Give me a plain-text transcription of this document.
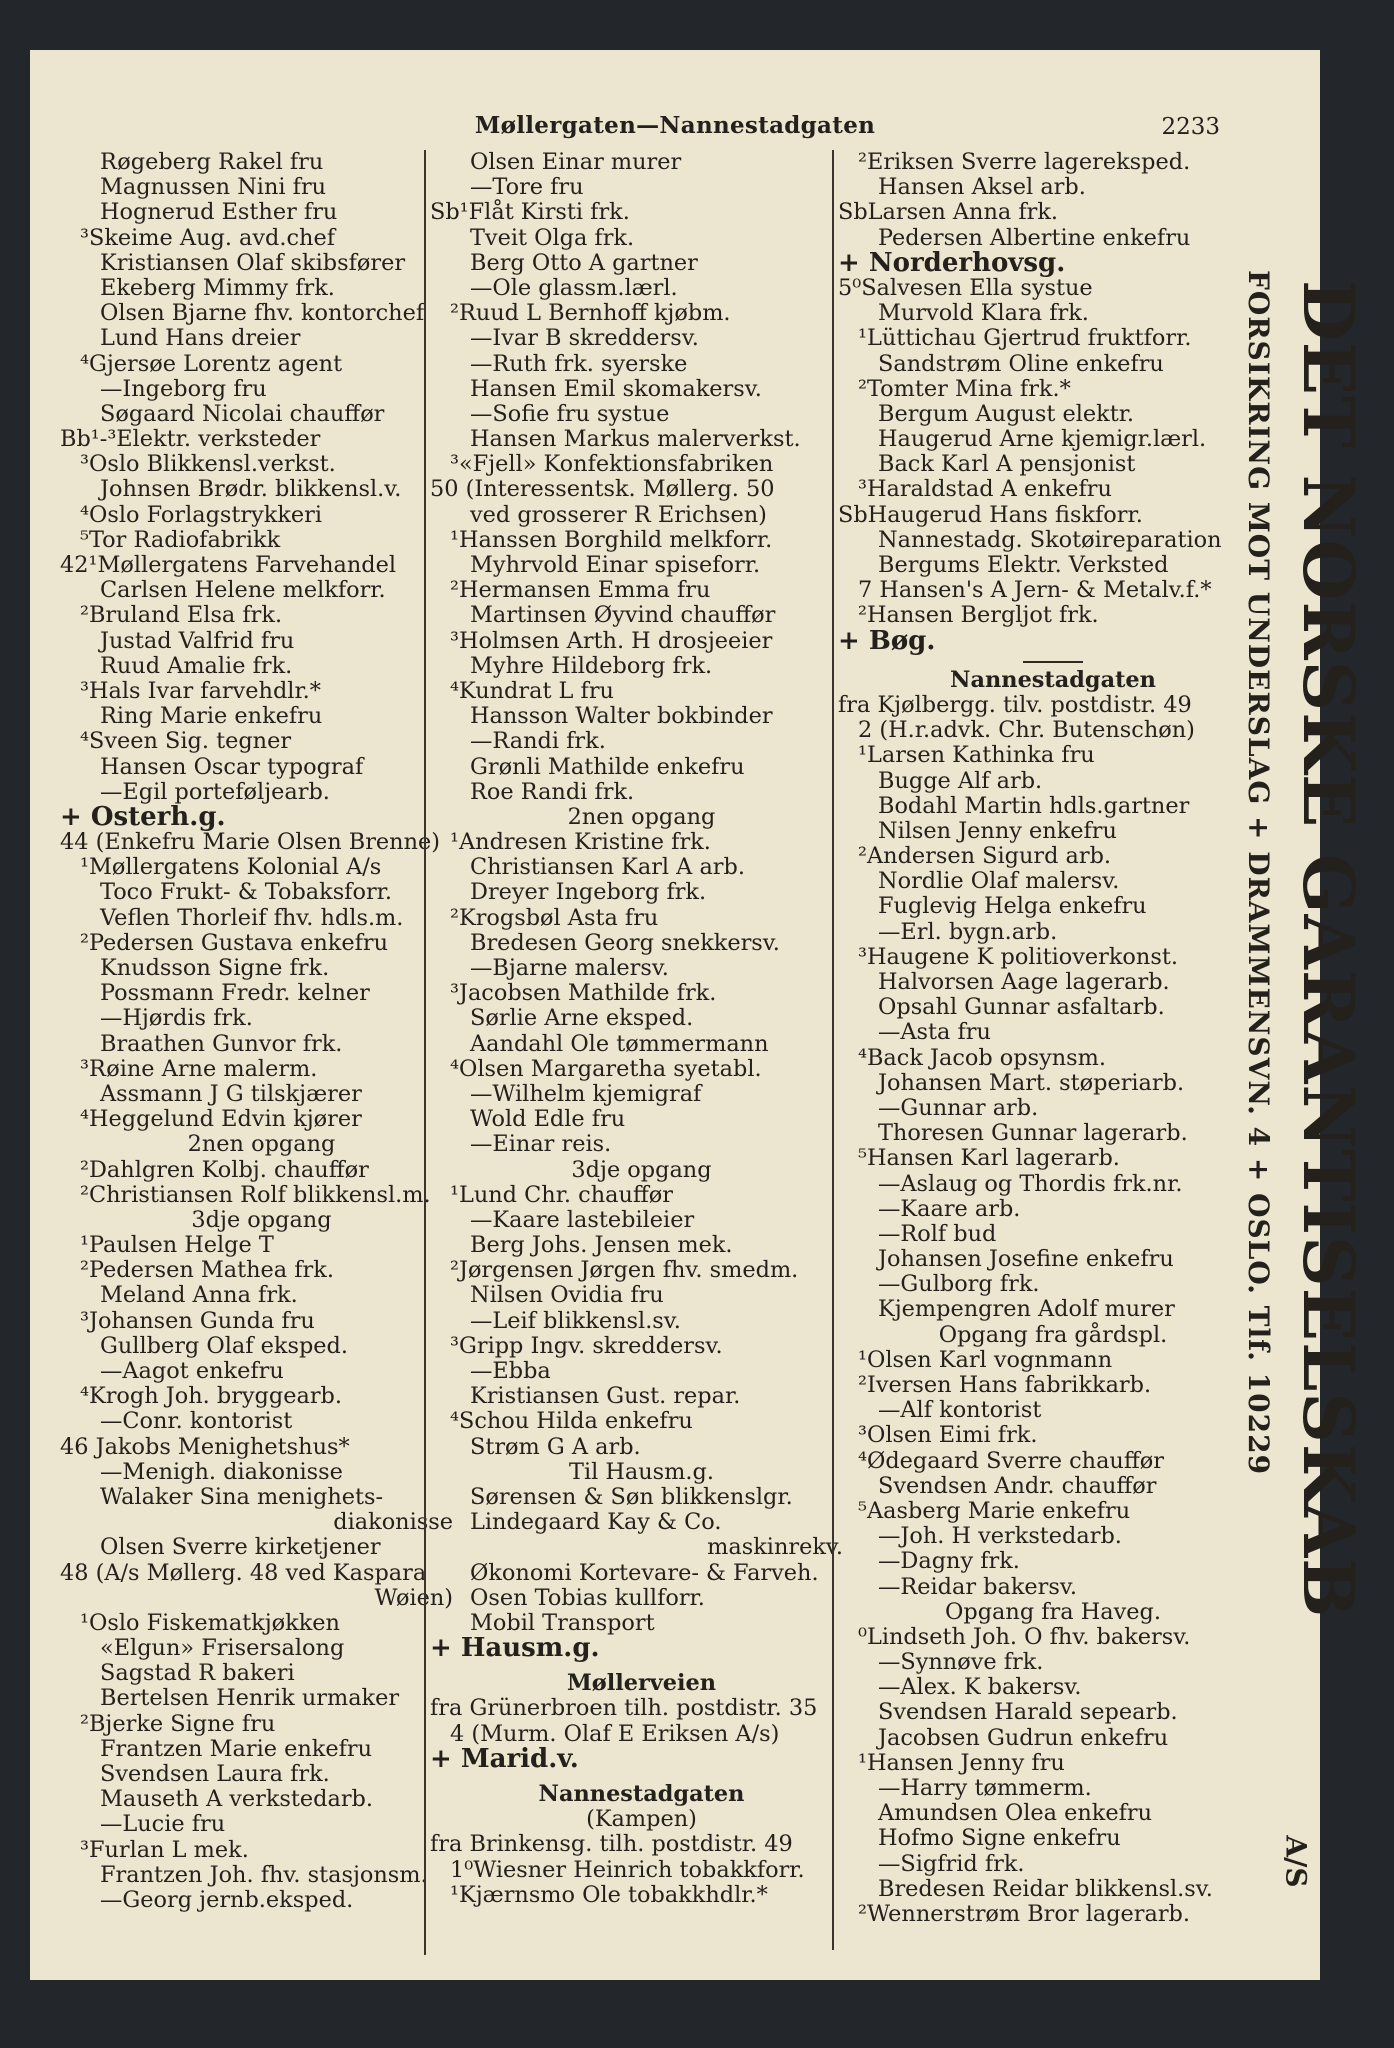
Møllergaten—Nannestadgaten	2233
Røgeberg Rakel fru
Magnussen Nini fru
Hognerud Esther fru
³Skeime Aug. avd.chef
Kristiansen Olaf skibsfører
Ekeberg Mimmy frk.
Olsen Bjarne fhv. kontorchef
Lund Hans dreier
⁴Gjersøe Lorentz agent
—Ingeborg fru
Søgaard Nicolai chauffør
Bb¹-³Elektr. verksteder
³Oslo Blikkensl.verkst.
Johnsen Brødr. blikkensl.v.
⁴Oslo Forlagstrykkeri
⁵Tor Radiofabrikk
42¹Møllergatens Farvehandel
Carlsen Helene melkforr.
²Bruland Elsa frk.
Justad Valfrid fru
Ruud Amalie frk.
³Hals Ivar farvehdlr.*
Ring Marie enkefru
⁴Sveen Sig. tegner
Hansen Oscar typograf
—Egil porteføljearb.
+ Osterh.g.
44 (Enkefru Marie Olsen Brenne)
¹Møllergatens Kolonial A/s
Toco Frukt- & Tobaksforr.
Veflen Thorleif fhv. hdls.m.
²Pedersen Gustava enkefru
Knudsson Signe frk.
Possmann Fredr. kelner
—Hjørdis frk.
Braathen Gunvor frk.
³Røine Arne malerm.
Assmann J G tilskjærer
⁴Heggelund Edvin kjører
2nen opgang
²Dahlgren Kolbj. chauffør
²Christiansen Rolf blikkensl.m.
3dje opgang
¹Paulsen Helge T
²Pedersen Mathea frk.
Meland Anna frk.
³Johansen Gunda fru
Gullberg Olaf eksped.
—Aagot enkefru
⁴Krogh Joh. bryggearb.
—Conr. kontorist
46 Jakobs Menighetshus*
—Menigh. diakonisse
Walaker Sina menighets-
diakonisse
Olsen Sverre kirketjener
48 (A/s Møllerg. 48 ved Kaspara
Wøien)
¹Oslo Fiskematkjøkken
«Elgun» Frisersalong
Sagstad R bakeri
Bertelsen Henrik urmaker
²Bjerke Signe fru
Frantzen Marie enkefru
Svendsen Laura frk.
Mauseth A verkstedarb.
—Lucie fru
³Furlan L mek.
Frantzen Joh. fhv. stasjonsm.
—Georg jernb.eksped.
Olsen Einar murer
—Tore fru
Sb¹Flåt Kirsti frk.
Tveit Olga frk.
Berg Otto A gartner
—Ole glassm.lærl.
²Ruud L Bernhoff kjøbm.
—Ivar B skreddersv.
—Ruth frk. syerske
Hansen Emil skomakersv.
—Sofie fru systue
Hansen Markus malerverkst.
³«Fjell» Konfektionsfabriken
50 (Interessentsk. Møllerg. 50
ved grosserer R Erichsen)
¹Hanssen Borghild melkforr.
Myhrvold Einar spiseforr.
²Hermansen Emma fru
Martinsen Øyvind chauffør
³Holmsen Arth. H drosjeeier
Myhre Hildeborg frk.
⁴Kundrat L fru
Hansson Walter bokbinder
—Randi frk.
Grønli Mathilde enkefru
Roe Randi frk.
2nen opgang
¹Andresen Kristine frk.
Christiansen Karl A arb.
Dreyer Ingeborg frk.
²Krogsbøl Asta fru
Bredesen Georg snekkersv.
—Bjarne malersv.
³Jacobsen Mathilde frk.
Sørlie Arne eksped.
Aandahl Ole tømmermann
⁴Olsen Margaretha syetabl.
—Wilhelm kjemigraf
Wold Edle fru
—Einar reis.
3dje opgang
¹Lund Chr. chauffør
—Kaare lastebileier
Berg Johs. Jensen mek.
²Jørgensen Jørgen fhv. smedm.
Nilsen Ovidia fru
—Leif blikkensl.sv.
³Gripp Ingv. skreddersv.
—Ebba
Kristiansen Gust. repar.
⁴Schou Hilda enkefru
Strøm G A arb.
Til Hausm.g.
Sørensen & Søn blikkenslgr.
Lindegaard Kay & Co.
maskinrekv.
Økonomi Kortevare- & Farveh.
Osen Tobias kullforr.
Mobil Transport
+ Hausm.g.
Møllerveien
fra Grünerbroen tilh. postdistr. 35
4 (Murm. Olaf E Eriksen A/s)
+ Marid.v.
Nannestadgaten
(Kampen)
fra Brinkensg. tilh. postdistr. 49
1⁰Wiesner Heinrich tobakkforr.
¹Kjærnsmo Ole tobakkhdlr.*
²Eriksen Sverre lagereksped.
Hansen Aksel arb.
SbLarsen Anna frk.
Pedersen Albertine enkefru
+ Norderhovsg.
5⁰Salvesen Ella systue
Murvold Klara frk.
¹Lüttichau Gjertrud fruktforr.
Sandstrøm Oline enkefru
²Tomter Mina frk.*
Bergum August elektr.
Haugerud Arne kjemigr.lærl.
Back Karl A pensjonist
³Haraldstad A enkefru
SbHaugerud Hans fiskforr.
Nannestadg. Skotøireparation
Bergums Elektr. Verksted
7 Hansen's A Jern- & Metalv.f.*
²Hansen Bergljot frk.
+ Bøg.
Nannestadgaten
fra Kjølbergg. tilv. postdistr. 49
2 (H.r.advk. Chr. Butenschøn)
¹Larsen Kathinka fru
Bugge Alf arb.
Bodahl Martin hdls.gartner
Nilsen Jenny enkefru
²Andersen Sigurd arb.
Nordlie Olaf malersv.
Fuglevig Helga enkefru
—Erl. bygn.arb.
³Haugene K politioverkonst.
Halvorsen Aage lagerarb.
Opsahl Gunnar asfaltarb.
—Asta fru
⁴Back Jacob opsynsm.
Johansen Mart. støperiarb.
—Gunnar arb.
Thoresen Gunnar lagerarb.
⁵Hansen Karl lagerarb.
—Aslaug og Thordis frk.nr.
—Kaare arb.
—Rolf bud
Johansen Josefine enkefru
—Gulborg frk.
Kjempengren Adolf murer
Opgang fra gårdspl.
¹Olsen Karl vognmann
²Iversen Hans fabrikkarb.
—Alf kontorist
³Olsen Eimi frk.
⁴Ødegaard Sverre chauffør
Svendsen Andr. chauffør
⁵Aasberg Marie enkefru
—Joh. H verkstedarb.
—Dagny frk.
—Reidar bakersv.
Opgang fra Haveg.
⁰Lindseth Joh. O fhv. bakersv.
—Synnøve frk.
—Alex. K bakersv.
Svendsen Harald sepearb.
Jacobsen Gudrun enkefru
¹Hansen Jenny fru
—Harry tømmerm.
Amundsen Olea enkefru
Hofmo Signe enkefru
—Sigfrid frk.
Bredesen Reidar blikkensl.sv.
²Wennerstrøm Bror lagerarb.
DET NORSKE GARANTISELSKAB
FORSIKRING MOT UNDERSLAG + DRAMMENSVN. 4 + OSLO. Tlf. 10229
A/S
